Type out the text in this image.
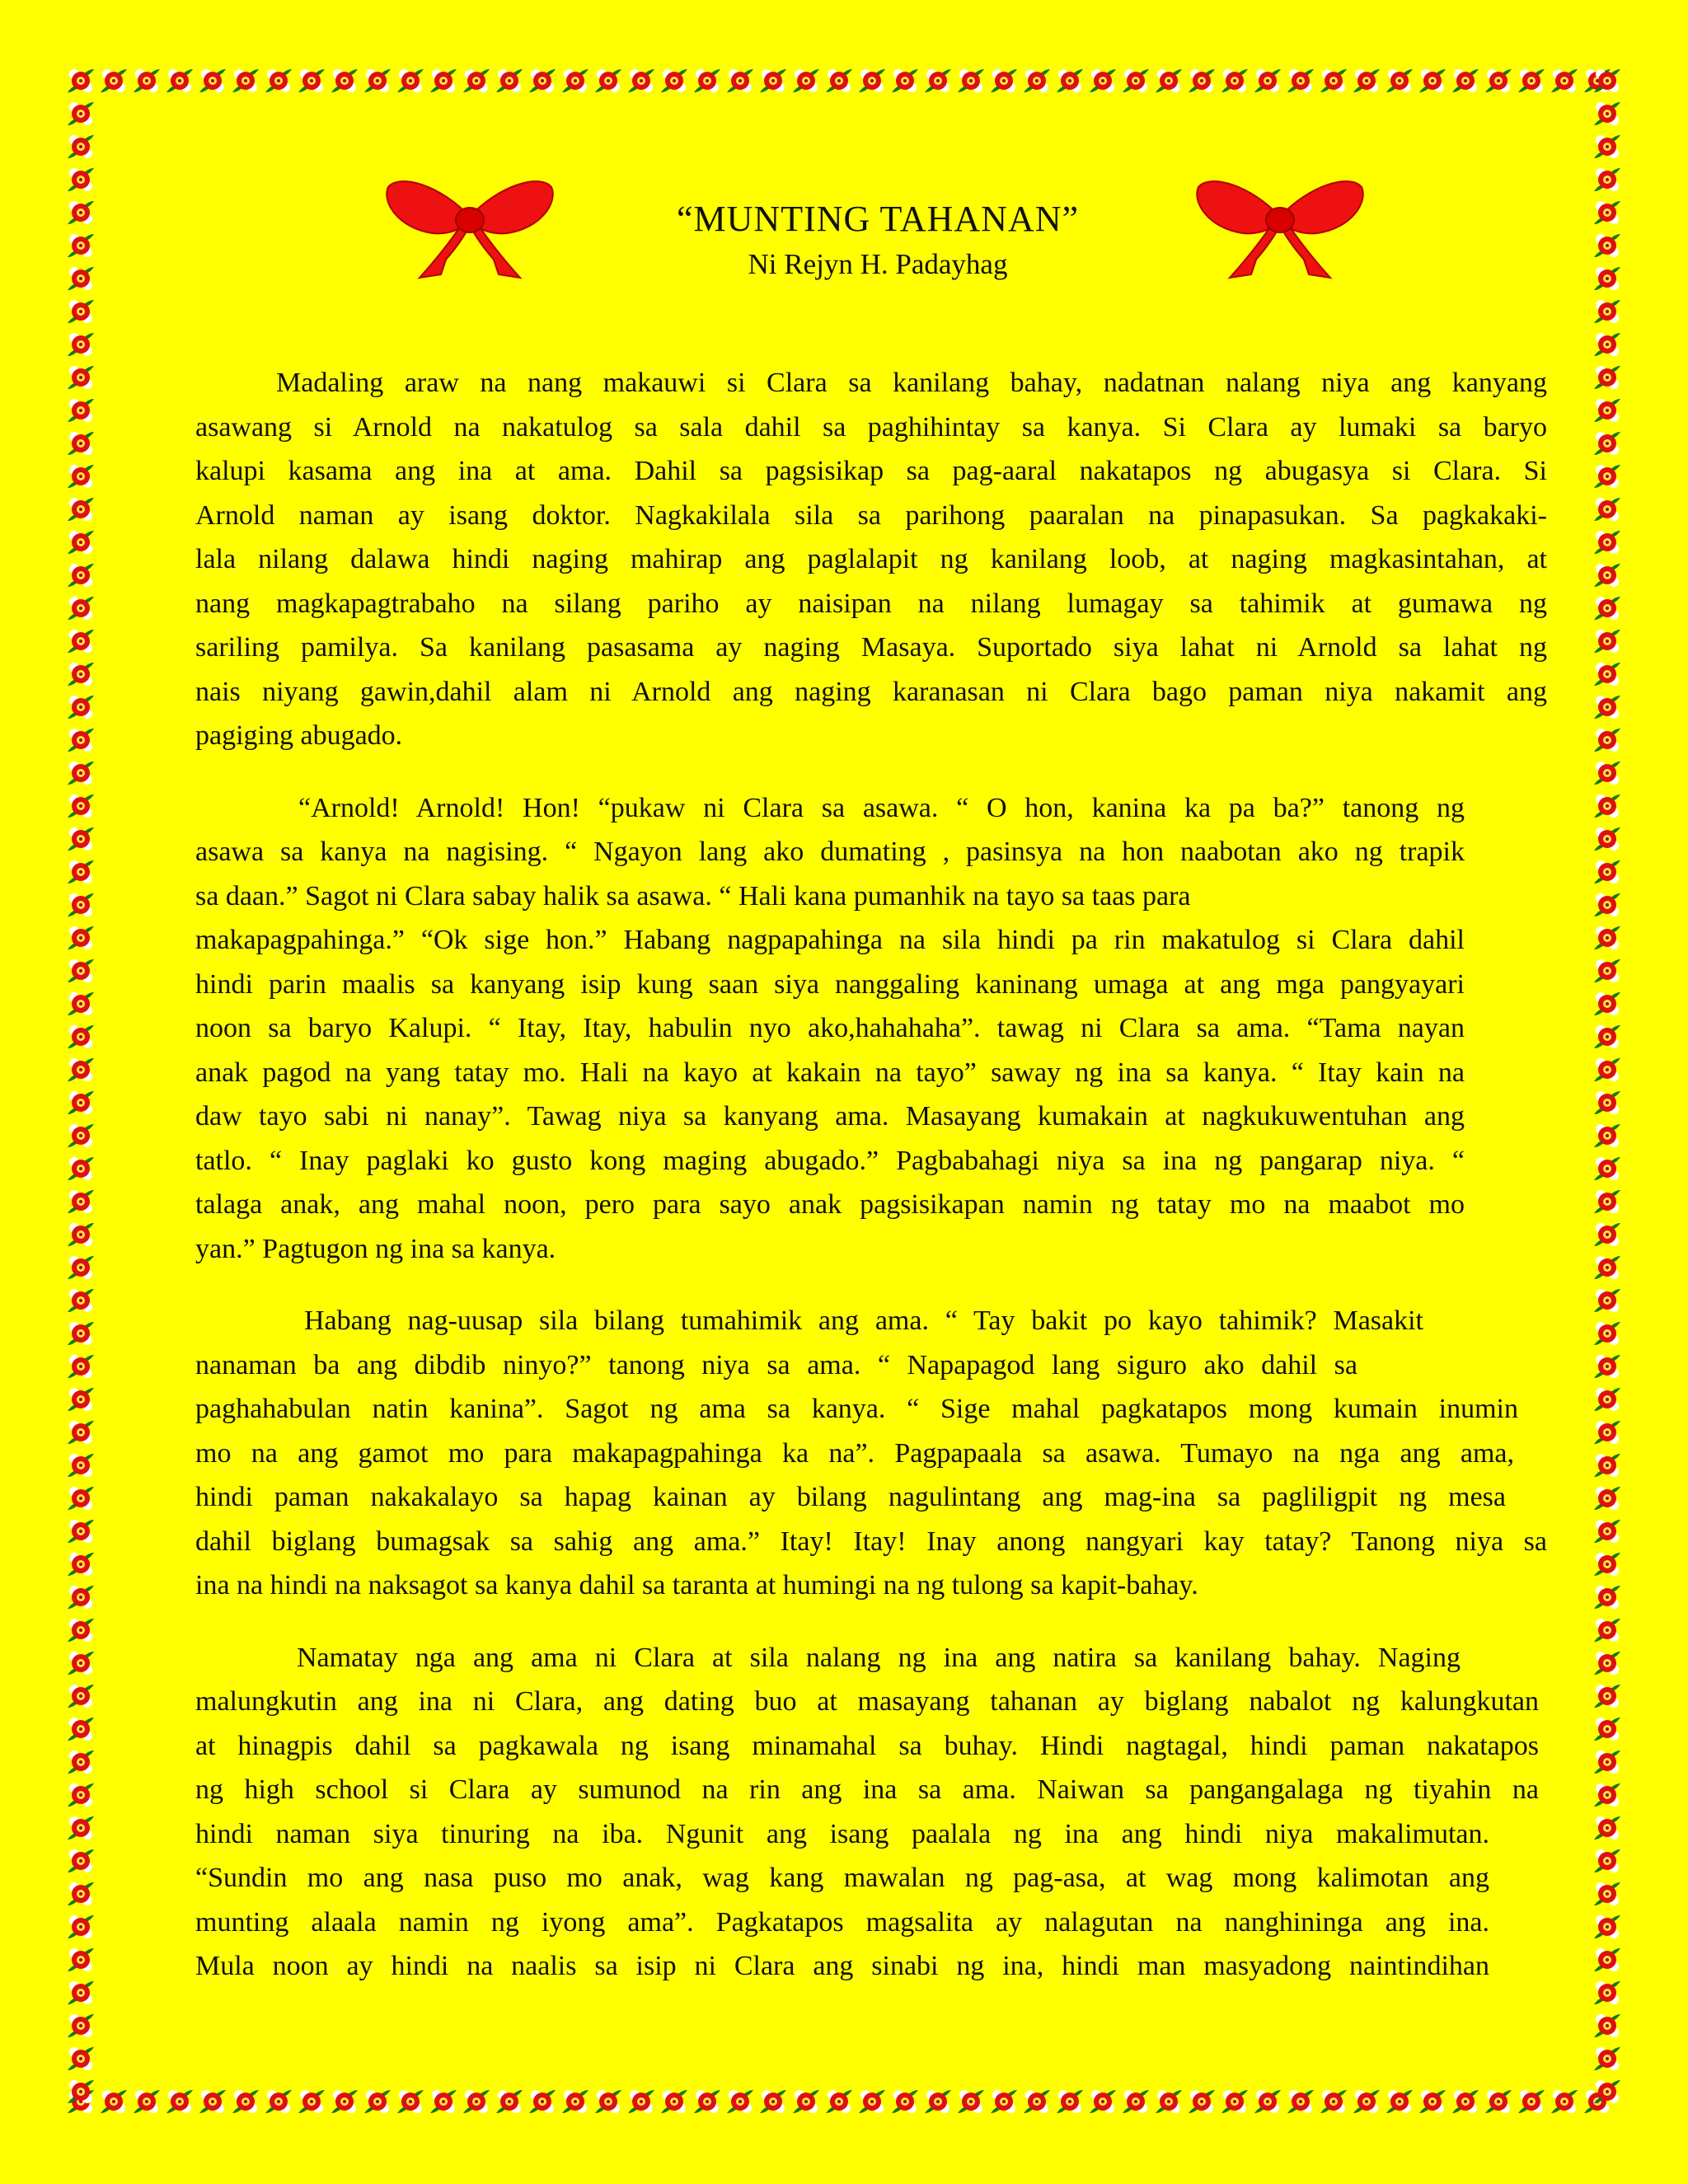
“MUNTING TAHANAN”
Ni Rejyn H. Padayhag

Madaling araw na nang makauwi si Clara sa kanilang bahay, nadatnan nalang niya ang kanyang
asawang si Arnold na nakatulog sa sala dahil sa paghihintay sa kanya. Si Clara ay lumaki sa baryo
kalupi kasama ang ina at ama. Dahil sa pagsisikap sa pag-aaral nakatapos ng abugasya si Clara. Si
Arnold naman ay isang doktor. Nagkakilala sila sa parihong paaralan na pinapasukan. Sa pagkakaki-
lala nilang dalawa hindi naging mahirap ang paglalapit ng kanilang loob, at naging magkasintahan, at
nang magkapagtrabaho na silang pariho ay naisipan na nilang lumagay sa tahimik at gumawa ng
sariling pamilya. Sa kanilang pasasama ay naging Masaya. Suportado siya lahat ni Arnold sa lahat ng
nais niyang gawin,dahil alam ni Arnold ang naging karanasan ni Clara bago paman niya nakamit ang
pagiging abugado.

“Arnold! Arnold! Hon! “pukaw ni Clara sa asawa. “ O hon, kanina ka pa ba?” tanong ng
asawa sa kanya na nagising. “ Ngayon lang ako dumating , pasinsya na hon naabotan ako ng trapik
sa daan.” Sagot ni Clara sabay halik sa asawa. “ Hali kana pumanhik na tayo sa taas para
makapagpahinga.” “Ok sige hon.” Habang nagpapahinga na sila hindi pa rin makatulog si Clara dahil
hindi parin maalis sa kanyang isip kung saan siya nanggaling kaninang umaga at ang mga pangyayari
noon sa baryo Kalupi. “ Itay, Itay, habulin nyo ako,hahahaha”. tawag ni Clara sa ama. “Tama nayan
anak pagod na yang tatay mo. Hali na kayo at kakain na tayo” saway ng ina sa kanya. “ Itay kain na
daw tayo sabi ni nanay”. Tawag niya sa kanyang ama. Masayang kumakain at nagkukuwentuhan ang
tatlo. “ Inay paglaki ko gusto kong maging abugado.” Pagbabahagi niya sa ina ng pangarap niya. “
talaga anak, ang mahal noon, pero para sayo anak pagsisikapan namin ng tatay mo na maabot mo
yan.” Pagtugon ng ina sa kanya.

Habang nag-uusap sila bilang tumahimik ang ama. “ Tay bakit po kayo tahimik? Masakit
nanaman ba ang dibdib ninyo?” tanong niya sa ama. “ Napapagod lang siguro ako dahil sa
paghahabulan natin kanina”. Sagot ng ama sa kanya. “ Sige mahal pagkatapos mong kumain inumin
mo na ang gamot mo para makapagpahinga ka na”. Pagpapaala sa asawa. Tumayo na nga ang ama,
hindi paman nakakalayo sa hapag kainan ay bilang nagulintang ang mag-ina sa pagliligpit ng mesa
dahil biglang bumagsak sa sahig ang ama.” Itay! Itay! Inay anong nangyari kay tatay? Tanong niya sa
ina na hindi na naksagot sa kanya dahil sa taranta at humingi na ng tulong sa kapit-bahay.

Namatay nga ang ama ni Clara at sila nalang ng ina ang natira sa kanilang bahay. Naging
malungkutin ang ina ni Clara, ang dating buo at masayang tahanan ay biglang nabalot ng kalungkutan
at hinagpis dahil sa pagkawala ng isang minamahal sa buhay. Hindi nagtagal, hindi paman nakatapos
ng high school si Clara ay sumunod na rin ang ina sa ama. Naiwan sa pangangalaga ng tiyahin na
hindi naman siya tinuring na iba. Ngunit ang isang paalala ng ina ang hindi niya makalimutan.
“Sundin mo ang nasa puso mo anak, wag kang mawalan ng pag-asa, at wag mong kalimotan ang
munting alaala namin ng iyong ama”. Pagkatapos magsalita ay nalagutan na nanghininga ang ina.
Mula noon ay hindi na naalis sa isip ni Clara ang sinabi ng ina, hindi man masyadong naintindihan
